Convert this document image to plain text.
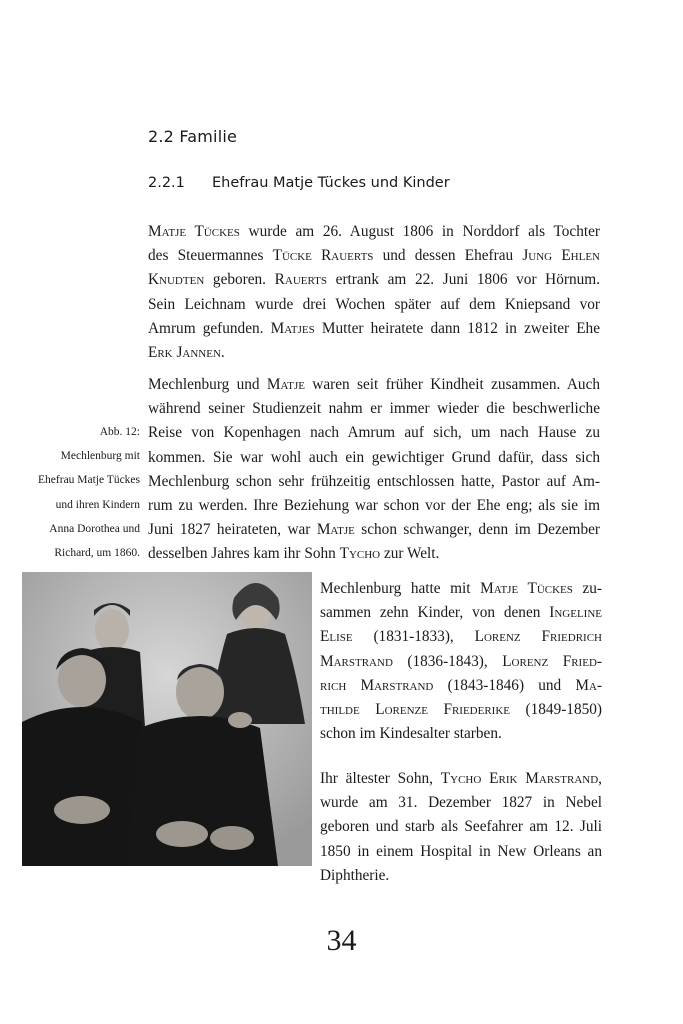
2.2 Familie
2.2.1 Ehefrau Matje Tückes und Kinder
Matje Tückes wurde am 26. August 1806 in Norddorf als Tochter
des Steuermannes Tücke Rauerts und dessen Ehefrau Jung Ehlen
Knudten geboren. Rauerts ertrank am 22. Juni 1806 vor Hörnum.
Sein Leichnam wurde drei Wochen später auf dem Kniepsand vor
Amrum gefunden. Matjes Mutter heiratete dann 1812 in zweiter Ehe
Erk Jannen.
Mechlenburg und Matje waren seit früher Kindheit zusammen. Auch
während seiner Studienzeit nahm er immer wieder die beschwerliche
Reise von Kopenhagen nach Amrum auf sich, um nach Hause zu
kommen. Sie war wohl auch ein gewichtiger Grund dafür, dass sich
Mechlenburg schon sehr frühzeitig entschlossen hatte, Pastor auf Am-
rum zu werden. Ihre Beziehung war schon vor der Ehe eng; als sie im
Juni 1827 heirateten, war Matje schon schwanger, denn im Dezember
desselben Jahres kam ihr Sohn Tycho zur Welt.
Abb. 12:
Mechlenburg mit
Ehefrau Matje Tückes
und ihren Kindern
Anna Dorothea und
Richard, um 1860.
Mechlenburg hatte mit Matje Tückes zu-
sammen zehn Kinder, von denen Ingeline
Elise (1831-1833), Lorenz Friedrich
Marstrand (1836-1843), Lorenz Fried-
rich Marstrand (1843-1846) und Ma-
thilde Lorenze Friederike (1849-1850)
schon im Kindesalter starben.
Ihr ältester Sohn, Tycho Erik Marstrand,
wurde am 31. Dezember 1827 in Nebel
geboren und starb als Seefahrer am 12. Juli
1850 in einem Hospital in New Orleans an
Diphtherie.
34
